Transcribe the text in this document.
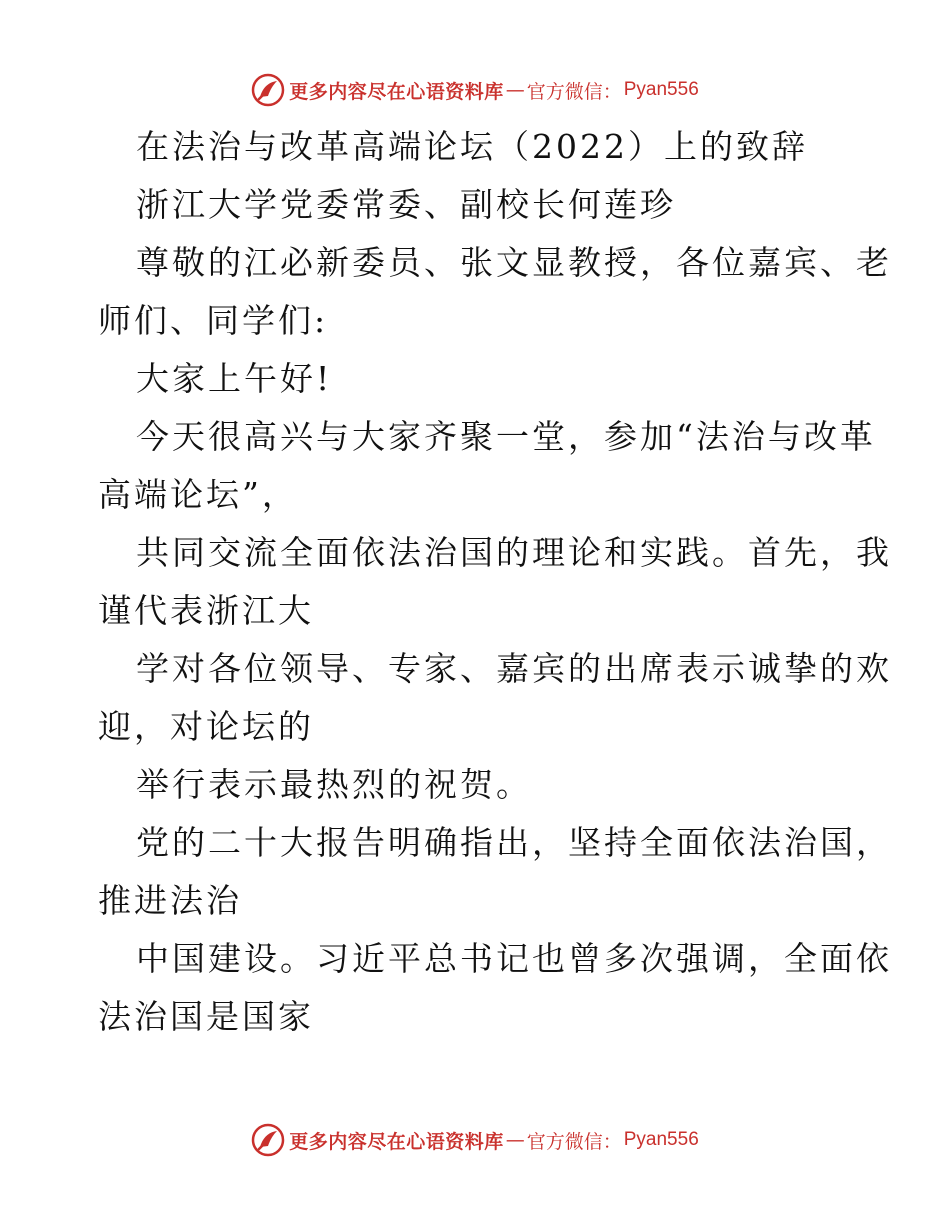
更多内容尽在心语资料库 — 官方微信： Pyan556
在法治与改革高端论坛（2022）上的致辞
浙江大学党委常委、副校长何莲珍
尊敬的江必新委员、张文显教授，各位嘉宾、老
师们、同学们:
大家上午好!
今天很高兴与大家齐聚一堂，参加“法治与改革
高端论坛”，
共同交流全面依法治国的理论和实践。首先，我
谨代表浙江大
学对各位领导、专家、嘉宾的出席表示诚挚的欢
迎，对论坛的
举行表示最热烈的祝贺。
党的二十大报告明确指出，坚持全面依法治国，
推进法治
中国建设。习近平总书记也曾多次强调，全面依
法治国是国家
更多内容尽在心语资料库 — 官方微信： Pyan556
